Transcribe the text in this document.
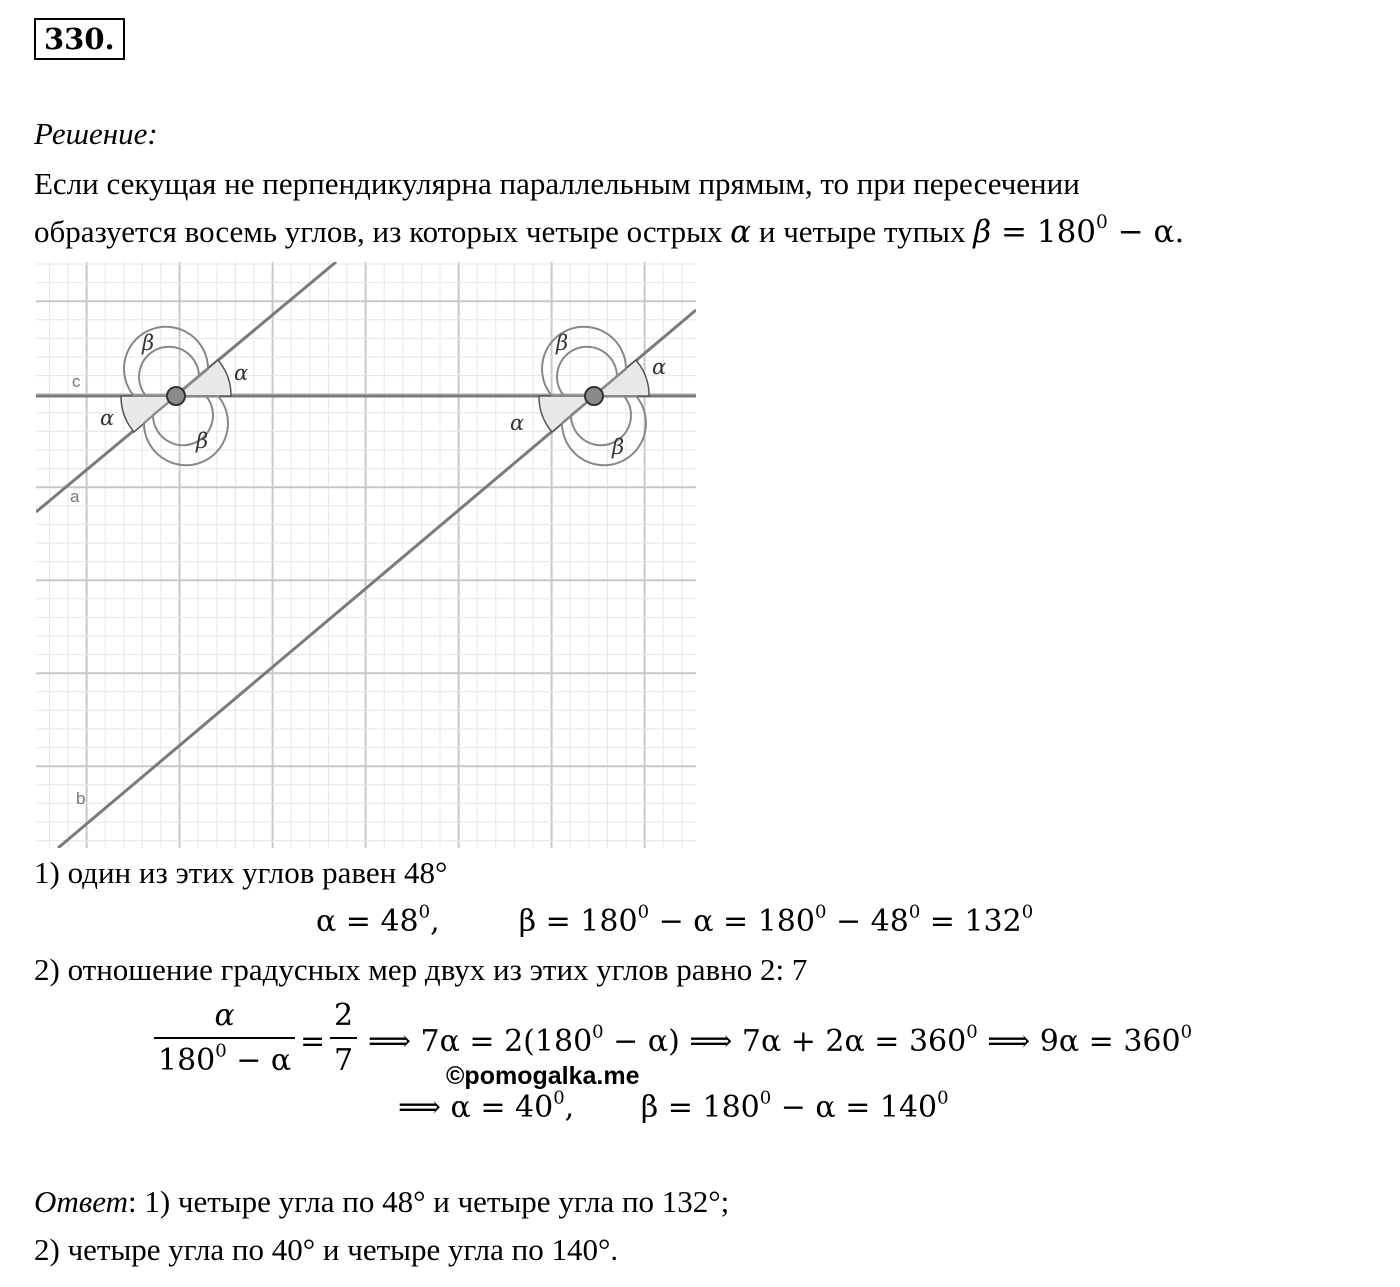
330.
Решение:
Если секущая не перпендикулярна параллельным прямым, то при пересечении
образуется восемь углов, из которых четыре острых α и четыре тупых $\beta = 180^0 - \alpha$.
c
a
b
β
α
α
β
β
α
α
β
1) один из этих углов равен 48°
$\alpha = 48^0$,	$\beta = 180^0 - \alpha = 180^0 - 48^0 = 132^0$
2) отношение градусных мер двух из этих углов равно 2: 7
$\frac{\alpha}{180^0 - \alpha} = \frac{2}{7}$ ⟹ $7\alpha = 2(180^0 - \alpha)$ ⟹ $7\alpha + 2\alpha = 360^0$ ⟹ $9\alpha = 360^0$
©pomogalka.me
⟹ $\alpha = 40^0$,       $\beta = 180^0 - \alpha = 140^0$
Ответ: 1) четыре угла по 48° и четыре угла по 132°;
2) четыре угла по 40° и четыре угла по 140°.
